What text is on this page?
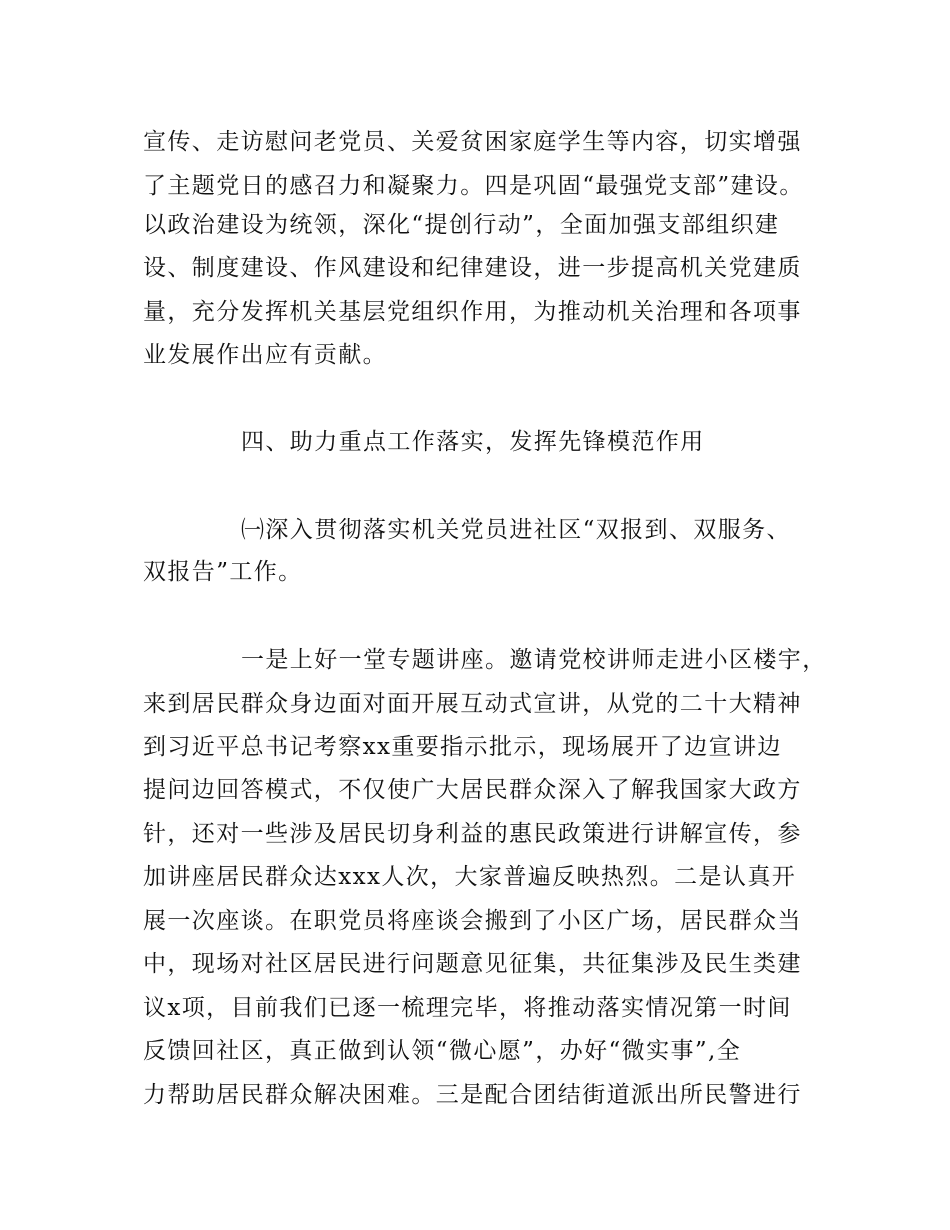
宣传、走访慰问老党员、关爱贫困家庭学生等内容，切实增强
了主题党日的感召力和凝聚力。四是巩固“最强党支部”建设。
以政治建设为统领，深化“提创行动”，全面加强支部组织建
设、制度建设、作风建设和纪律建设，进一步提高机关党建质
量，充分发挥机关基层党组织作用，为推动机关治理和各项事
业发展作出应有贡献。
四、助力重点工作落实，发挥先锋模范作用
㈠深入贯彻落实机关党员进社区“双报到、双服务、
双报告”工作。
一是上好一堂专题讲座。邀请党校讲师走进小区楼宇，
来到居民群众身边面对面开展互动式宣讲，从党的二十大精神
到习近平总书记考察xx重要指示批示，现场展开了边宣讲边
提问边回答模式，不仅使广大居民群众深入了解我国家大政方
针，还对一些涉及居民切身利益的惠民政策进行讲解宣传，参
加讲座居民群众达xxx人次，大家普遍反映热烈。二是认真开
展一次座谈。在职党员将座谈会搬到了小区广场，居民群众当
中，现场对社区居民进行问题意见征集，共征集涉及民生类建
议x项，目前我们已逐一梳理完毕，将推动落实情况第一时间
反馈回社区，真正做到认领“微心愿”，办好“微实事”,全
力帮助居民群众解决困难。三是配合团结街道派出所民警进行
